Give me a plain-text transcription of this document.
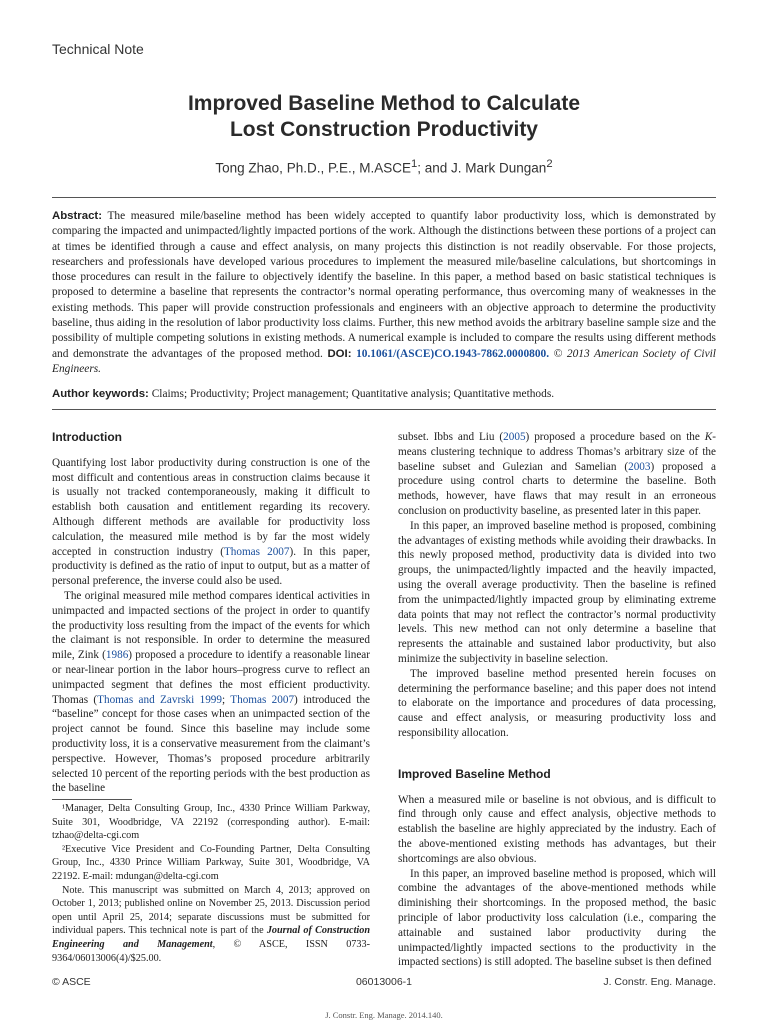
Technical Note
Improved Baseline Method to Calculate
Lost Construction Productivity
Tong Zhao, Ph.D., P.E., M.ASCE$^1$; and J. Mark Dungan$^2$

Abstract: The measured mile/baseline method has been widely accepted to quantify labor productivity loss, which is demonstrated by comparing the impacted and unimpacted/lightly impacted portions of the work. Although the distinctions between these portions of a project can at times be identified through a cause and effect analysis, on many projects this distinction is not readily observable. For those projects, researchers and professionals have developed various procedures to implement the measured mile/baseline calculations, but shortcomings in those procedures can result in the failure to objectively identify the baseline. In this paper, a method based on basic statistical techniques is proposed to determine a baseline that represents the contractor’s normal operating performance, thus overcoming many of weaknesses in the existing methods. This paper will provide construction professionals and engineers with an objective approach to determine the productivity baseline, thus aiding in the resolution of labor productivity loss claims. Further, this new method avoids the arbitrary baseline sample size and the possibility of multiple competing solutions in existing methods. A numerical example is included to compare the results using different methods and demonstrate the advantages of the proposed method. DOI: 10.1061/(ASCE)CO.1943-7862.0000800. © 2013 American Society of Civil Engineers.

Author keywords: Claims; Productivity; Project management; Quantitative analysis; Quantitative methods.

Introduction

Quantifying lost labor productivity during construction is one of the most difficult and contentious areas in construction claims because it is usually not tracked contemporaneously, making it difficult to establish both causation and entitlement regarding its recovery. Although different methods are available for productivity loss calculation, the measured mile method is by far the most widely accepted in construction industry (Thomas 2007). In this paper, productivity is defined as the ratio of input to output, but as a matter of personal preference, the inverse could also be used.

The original measured mile method compares identical activities in unimpacted and impacted sections of the project in order to quantify the productivity loss resulting from the impact of the events for which the claimant is not responsible. In order to determine the measured mile, Zink (1986) proposed a procedure to identify a reasonable linear or near-linear portion in the labor hours–progress curve to reflect an unimpacted segment that defines the most efficient productivity. Thomas (Thomas and Zavrski 1999; Thomas 2007) introduced the “baseline” concept for those cases when an unimpacted section of the project cannot be found. Since this baseline may include some productivity loss, it is a conservative measurement from the claimant’s perspective. However, Thomas’s proposed procedure arbitrarily selected 10 percent of the reporting periods with the best production as the baseline

¹Manager, Delta Consulting Group, Inc., 4330 Prince William Parkway, Suite 301, Woodbridge, VA 22192 (corresponding author). E-mail: tzhao@delta-cgi.com

²Executive Vice President and Co-Founding Partner, Delta Consulting Group, Inc., 4330 Prince William Parkway, Suite 301, Woodbridge, VA 22192. E-mail: mdungan@delta-cgi.com

Note. This manuscript was submitted on March 4, 2013; approved on October 1, 2013; published online on November 25, 2013. Discussion period open until April 25, 2014; separate discussions must be submitted for individual papers. This technical note is part of the Journal of Construction Engineering and Management, © ASCE, ISSN 0733-9364/06013006(4)/$25.00.

subset. Ibbs and Liu (2005) proposed a procedure based on the K-means clustering technique to address Thomas’s arbitrary size of the baseline subset and Gulezian and Samelian (2003) proposed a procedure using control charts to determine the baseline. Both methods, however, have flaws that may result in an erroneous conclusion on productivity baseline, as presented later in this paper.

In this paper, an improved baseline method is proposed, combining the advantages of existing methods while avoiding their drawbacks. In this newly proposed method, productivity data is divided into two groups, the unimpacted/lightly impacted and the heavily impacted, using the overall average productivity. Then the baseline is refined from the unimpacted/lightly impacted group by eliminating extreme data points that may not reflect the contractor’s normal productivity levels. This new method can not only determine a baseline that represents the attainable and sustained labor productivity, but also minimize the subjectivity in baseline selection.

The improved baseline method presented herein focuses on determining the performance baseline; and this paper does not intend to elaborate on the importance and procedures of data processing, cause and effect analysis, or measuring productivity loss and responsibility allocation.

Improved Baseline Method

When a measured mile or baseline is not obvious, and is difficult to find through only cause and effect analysis, objective methods to establish the baseline are highly appreciated by the industry. Each of the above-mentioned existing methods has advantages, but their shortcomings are also obvious.

In this paper, an improved baseline method is proposed, which will combine the advantages of the above-mentioned methods while diminishing their shortcomings. In the proposed method, the basic principle of labor productivity loss calculation (i.e., comparing the attainable and sustained labor productivity during the unimpacted/lightly impacted sections to the productivity in the impacted sections) is still adopted. The baseline subset is then defined

© ASCE	06013006-1	J. Constr. Eng. Manage.
J. Constr. Eng. Manage. 2014.140.
